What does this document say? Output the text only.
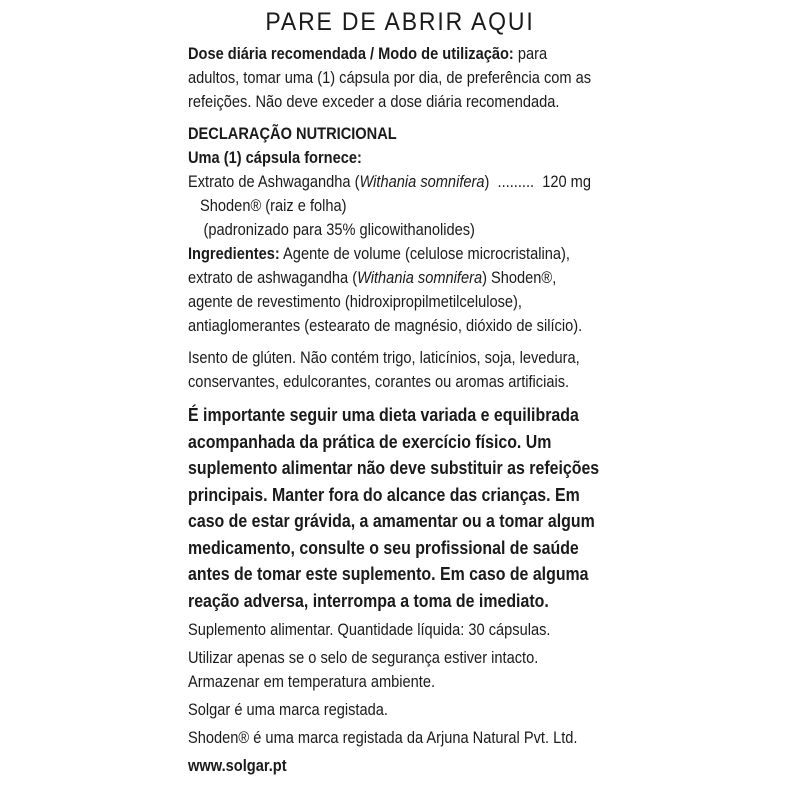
PARE DE ABRIR AQUI

Dose diária recomendada / Modo de utilização: para

adultos, tomar uma (1) cápsula por dia, de preferência com as

refeições. Não deve exceder a dose diária recomendada.

DECLARAÇÃO NUTRICIONAL

Uma (1) cápsula fornece:

Extrato de Ashwagandha (Withania somnifera)  .........  120 mg

Shoden® (raiz e folha)

(padronizado para 35% glicowithanolides)

Ingredientes: Agente de volume (celulose microcristalina),

extrato de ashwagandha (Withania somnifera) Shoden®,

agente de revestimento (hidroxipropilmetilcelulose),

antiaglomerantes (estearato de magnésio, dióxido de silício).

Isento de glúten. Não contém trigo, laticínios, soja, levedura,

conservantes, edulcorantes, corantes ou aromas artificiais.

É importante seguir uma dieta variada e equilibrada

acompanhada da prática de exercício físico. Um

suplemento alimentar não deve substituir as refeições

principais. Manter fora do alcance das crianças. Em

caso de estar grávida, a amamentar ou a tomar algum

medicamento, consulte o seu profissional de saúde

antes de tomar este suplemento. Em caso de alguma

reação adversa, interrompa a toma de imediato.

Suplemento alimentar. Quantidade líquida: 30 cápsulas.

Utilizar apenas se o selo de segurança estiver intacto.

Armazenar em temperatura ambiente.

Solgar é uma marca registada.

Shoden® é uma marca registada da Arjuna Natural Pvt. Ltd.

www.solgar.pt
